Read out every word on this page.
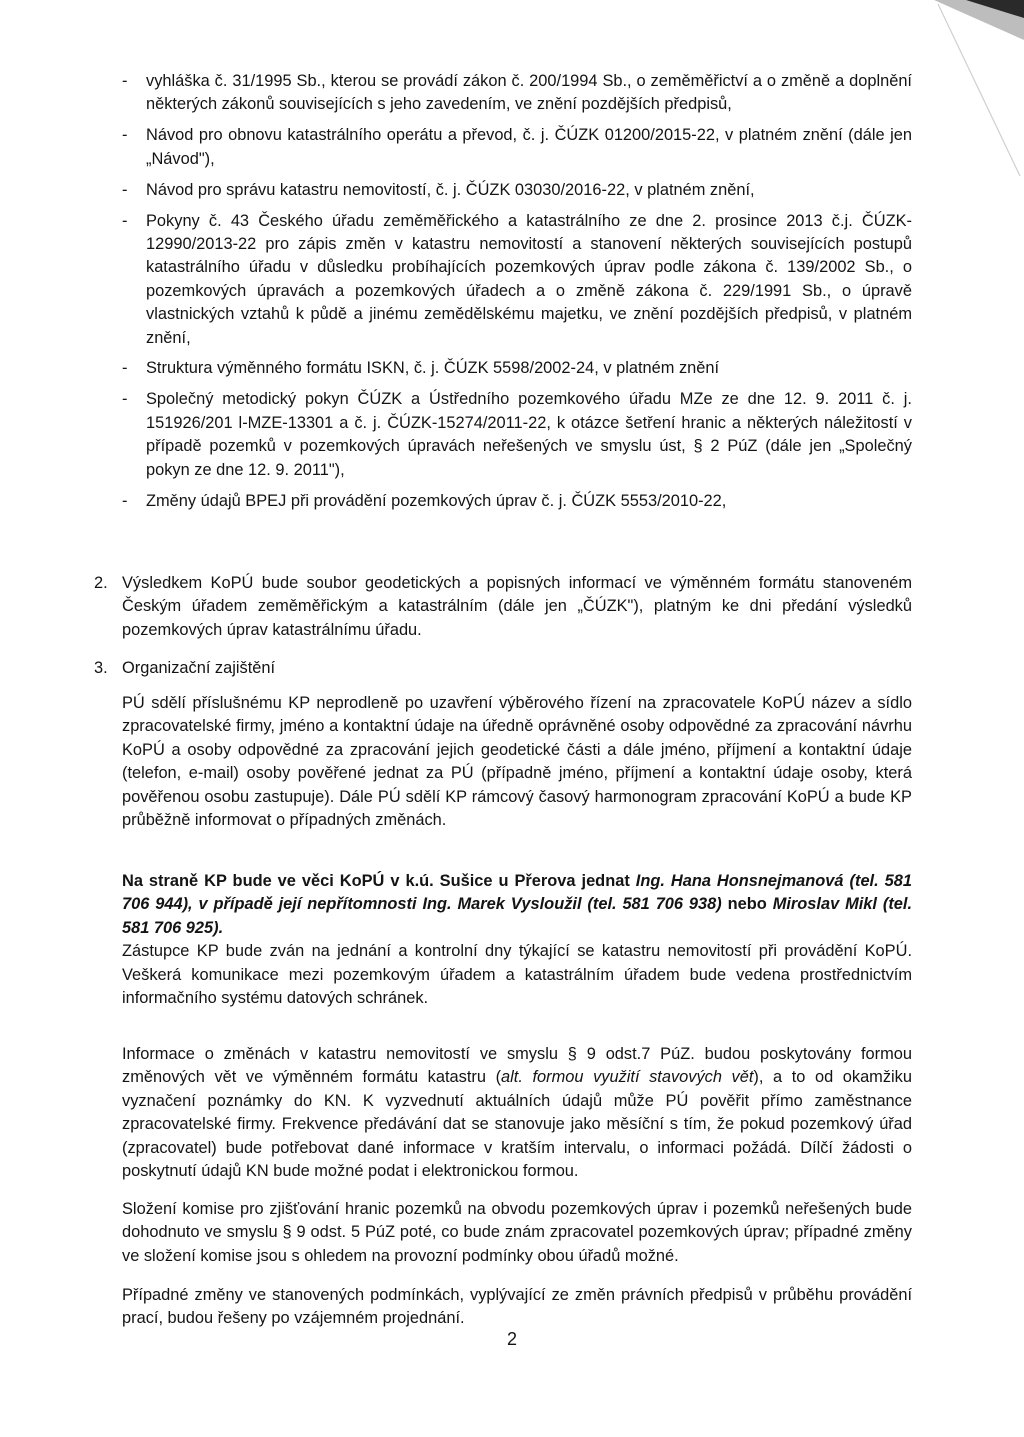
- vyhláška č. 31/1995 Sb., kterou se provádí zákon č. 200/1994 Sb., o zeměměřictví a o změně a doplnění některých zákonů souvisejících s jeho zavedením, ve znění pozdějších předpisů,
- Návod pro obnovu katastrálního operátu a převod, č. j. ČÚZK 01200/2015-22, v platném znění (dále jen „Návod"),
- Návod pro správu katastru nemovitostí, č. j. ČÚZK 03030/2016-22, v platném znění,
- Pokyny č. 43 Českého úřadu zeměměřického a katastrálního ze dne 2. prosince 2013 č.j. ČÚZK-12990/2013-22 pro zápis změn v katastru nemovitostí a stanovení některých souvisejících postupů katastrálního úřadu v důsledku probíhajících pozemkových úprav podle zákona č. 139/2002 Sb., o pozemkových úpravách a pozemkových úřadech a o změně zákona č. 229/1991 Sb., o úpravě vlastnických vztahů k půdě a jinému zemědělskému majetku, ve znění pozdějších předpisů, v platném znění,
- Struktura výměnného formátu ISKN, č. j. ČÚZK 5598/2002-24, v platném znění
- Společný metodický pokyn ČÚZK a Ústředního pozemkového úřadu MZe ze dne 12. 9. 2011 č. j. 151926/201 l-MZE-13301 a č. j. ČÚZK-15274/2011-22, k otázce šetření hranic a některých náležitostí v případě pozemků v pozemkových úpravách neřešených ve smyslu úst, § 2 PúZ (dále jen „Společný pokyn ze dne 12. 9. 2011"),
- Změny údajů BPEJ při provádění pozemkových úprav č. j. ČÚZK 5553/2010-22,
2. Výsledkem KoPÚ bude soubor geodetických a popisných informací ve výměnném formátu stanoveném Českým úřadem zeměměřickým a katastrálním (dále jen „ČÚZK"), platným ke dni předání výsledků pozemkových úprav katastrálnímu úřadu.
3. Organizační zajištění

PÚ sdělí příslušnému KP neprodleně po uzavření výběrového řízení na zpracovatele KoPÚ název a sídlo zpracovatelské firmy, jméno a kontaktní údaje na úředně oprávněné osoby odpovědné za zpracování návrhu KoPÚ a osoby odpovědné za zpracování jejich geodetické části a dále jméno, příjmení a kontaktní údaje (telefon, e-mail) osoby pověřené jednat za PÚ (případně jméno, příjmení a kontaktní údaje osoby, která pověřenou osobu zastupuje). Dále PÚ sdělí KP rámcový časový harmonogram zpracování KoPÚ a bude KP průběžně informovat o případných změnách.

Na straně KP bude ve věci KoPÚ v k.ú. Sušice u Přerova jednat Ing. Hana Honsnejmanová (tel. 581 706 944), v případě její nepřítomnosti Ing. Marek Vysloužil (tel. 581 706 938) nebo Miroslav Mikl (tel. 581 706 925).
Zástupce KP bude zván na jednání a kontrolní dny týkající se katastru nemovitostí při provádění KoPÚ. Veškerá komunikace mezi pozemkovým úřadem a katastrálním úřadem bude vedena prostřednictvím informačního systému datových schránek.

Informace o změnách v katastru nemovitostí ve smyslu § 9 odst.7 PúZ. budou poskytovány formou změnových vět ve výměnném formátu katastru (alt. formou využití stavových vět), a to od okamžiku vyznačení poznámky do KN. K vyzvednutí aktuálních údajů může PÚ pověřit přímo zaměstnance zpracovatelské firmy. Frekvence předávání dat se stanovuje jako měsíční s tím, že pokud pozemkový úřad (zpracovatel) bude potřebovat dané informace v kratším intervalu, o informaci požádá. Dílčí žádosti o poskytnutí údajů KN bude možné podat i elektronickou formou.

Složení komise pro zjišťování hranic pozemků na obvodu pozemkových úprav i pozemků neřešených bude dohodnuto ve smyslu § 9 odst. 5 PúZ poté, co bude znám zpracovatel pozemkových úprav; případné změny ve složení komise jsou s ohledem na provozní podmínky obou úřadů možné.

Případné změny ve stanovených podmínkách, vyplývající ze změn právních předpisů v průběhu provádění prací, budou řešeny po vzájemném projednání.

2
